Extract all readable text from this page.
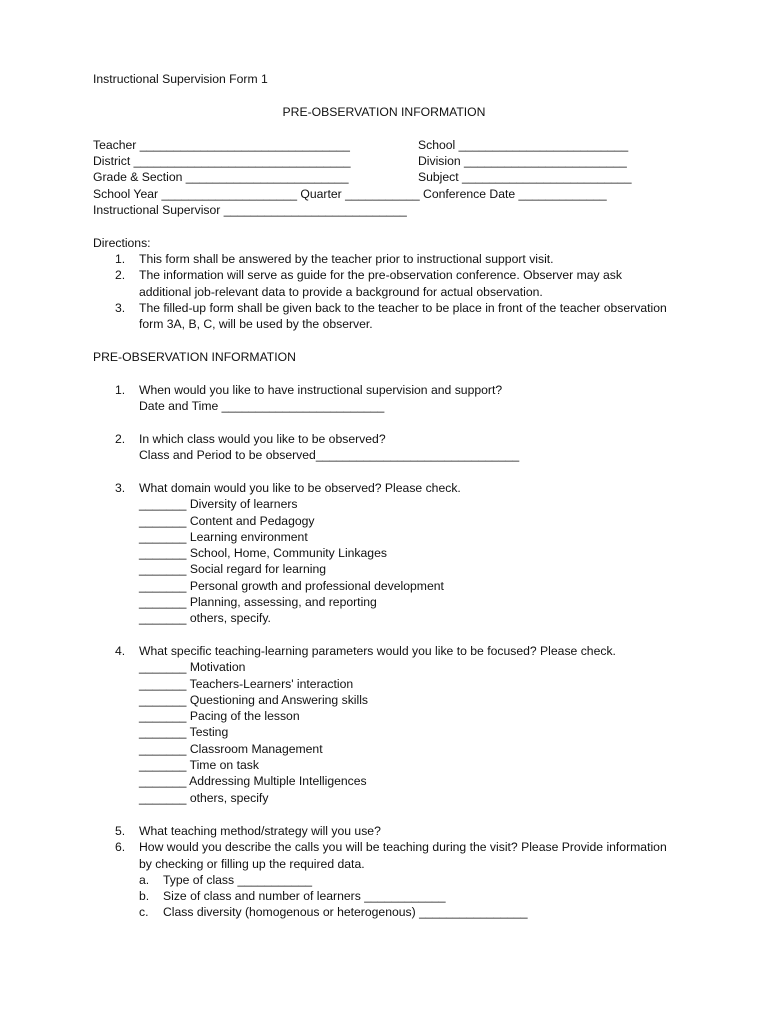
Instructional Supervision Form 1
PRE-OBSERVATION INFORMATION
Teacher _______________________________	School _________________________
District ________________________________	Division ________________________
Grade & Section ________________________	Subject _________________________
School Year ____________________ Quarter ___________ Conference Date _____________
Instructional Supervisor ___________________________
Directions:
1. This form shall be answered by the teacher prior to instructional support visit.
2. The information will serve as guide for the pre-observation conference. Observer may ask additional job-relevant data to provide a background for actual observation.
3. The filled-up form shall be given back to the teacher to be place in front of the teacher observation form 3A, B, C, will be used by the observer.
PRE-OBSERVATION INFORMATION
1. When would you like to have instructional supervision and support?
Date and Time ________________________
2. In which class would you like to be observed?
Class and Period to be observed______________________________
3. What domain would you like to be observed? Please check.
_______ Diversity of learners
_______ Content and Pedagogy
_______ Learning environment
_______ School, Home, Community Linkages
_______ Social regard for learning
_______ Personal growth and professional development
_______ Planning, assessing, and reporting
_______ others, specify.
4. What specific teaching-learning parameters would you like to be focused? Please check.
_______ Motivation
_______ Teachers-Learners' interaction
_______ Questioning and Answering skills
_______ Pacing of the lesson
_______ Testing
_______ Classroom Management
_______ Time on task
_______ Addressing Multiple Intelligences
_______ others, specify
5. What teaching method/strategy will you use?
6. How would you describe the calls you will be teaching during the visit? Please Provide information by checking or filling up the required data.
a. Type of class ___________
b. Size of class and number of learners ____________
c. Class diversity (homogenous or heterogenous) ________________
